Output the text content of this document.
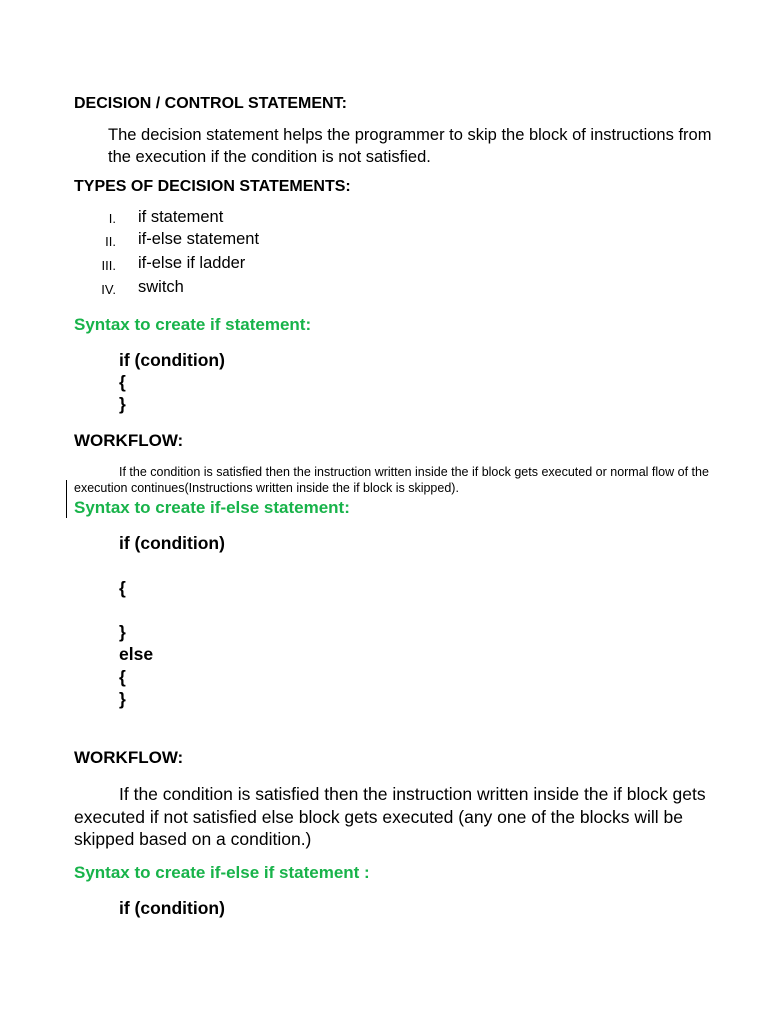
DECISION / CONTROL STATEMENT:

The decision statement helps the programmer to skip the block of instructions from the execution if the condition is not satisfied.

TYPES OF DECISION STATEMENTS:

I. if statement
II. if-else statement
III. if-else if ladder
IV. switch

Syntax to create if statement:

if (condition)

{

}

WORKFLOW:

If the condition is satisfied then the instruction written inside the if block gets executed or normal flow of the execution continues(Instructions written inside the if block is skipped).

Syntax to create if-else statement:

if (condition)

{

}

else

{

}

WORKFLOW:

If the condition is satisfied then the instruction written inside the if block gets executed if not satisfied else block gets executed (any one of the blocks will be skipped based on a condition.)

Syntax to create if-else if statement :

if (condition)
